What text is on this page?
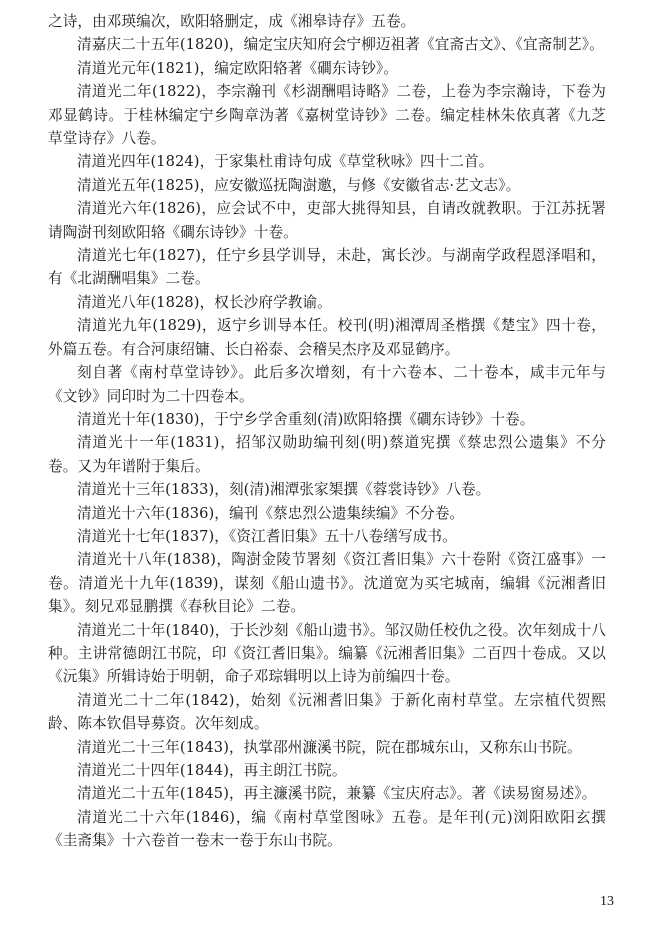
之诗，由邓瑛编次，欧阳辂删定，成《湘皋诗存》五卷。

清嘉庆二十五年(1820)，编定宝庆知府会宁柳迈祖著《宜斋古文》、《宜斋制艺》。

清道光元年(1821)，编定欧阳辂著《磵东诗钞》。

清道光二年(1822)，李宗瀚刊《杉湖酬唱诗略》二卷，上卷为李宗瀚诗，下卷为邓显鹤诗。于桂林编定宁乡陶章沩著《嘉树堂诗钞》二卷。编定桂林朱依真著《九芝草堂诗存》八卷。

清道光四年(1824)，于家集杜甫诗句成《草堂秋咏》四十二首。

清道光五年(1825)，应安徽巡抚陶澍邀，与修《安徽省志·艺文志》。

清道光六年(1826)，应会试不中，吏部大挑得知县，自请改就教职。于江苏抚署请陶澍刊刻欧阳辂《磵东诗钞》十卷。

清道光七年(1827)，任宁乡县学训导，未赴，寓长沙。与湖南学政程恩泽唱和，有《北湖酬唱集》二卷。

清道光八年(1828)，权长沙府学教谕。

清道光九年(1829)，返宁乡训导本任。校刊(明)湘潭周圣楷撰《楚宝》四十卷，外篇五卷。有合河康绍镛、长白裕泰、会稽吴杰序及邓显鹤序。

刻自著《南村草堂诗钞》。此后多次增刻，有十六卷本、二十卷本，咸丰元年与《文钞》同印时为二十四卷本。

清道光十年(1830)，于宁乡学舍重刻(清)欧阳辂撰《磵东诗钞》十卷。

清道光十一年(1831)，招邹汉勋助编刊刻(明)蔡道宪撰《蔡忠烈公遗集》不分卷。又为年谱附于集后。

清道光十三年(1833)，刻(清)湘潭张家榘撰《蓉裳诗钞》八卷。

清道光十六年(1836)，编刊《蔡忠烈公遗集续编》不分卷。

清道光十七年(1837)，《资江耆旧集》五十八卷缮写成书。

清道光十八年(1838)，陶澍金陵节署刻《资江耆旧集》六十卷附《资江盛事》一卷。清道光十九年(1839)，谋刻《船山遗书》。沈道宽为买宅城南，编辑《沅湘耆旧集》。刻兄邓显鹏撰《春秋目论》二卷。

清道光二十年(1840)，于长沙刻《船山遗书》。邹汉勋任校仇之役。次年刻成十八种。主讲常德朗江书院，印《资江耆旧集》。编纂《沅湘耆旧集》二百四十卷成。又以《沅集》所辑诗始于明朝，命子邓琮辑明以上诗为前编四十卷。

清道光二十二年(1842)，始刻《沅湘耆旧集》于新化南村草堂。左宗植代贺熙龄、陈本钦倡导募资。次年刻成。

清道光二十三年(1843)，执掌邵州濂溪书院，院在郡城东山，又称东山书院。

清道光二十四年(1844)，再主朗江书院。

清道光二十五年(1845)，再主濂溪书院，兼纂《宝庆府志》。著《读易窗易述》。

清道光二十六年(1846)，编《南村草堂图咏》五卷。是年刊(元)浏阳欧阳玄撰《圭斋集》十六卷首一卷末一卷于东山书院。

13
